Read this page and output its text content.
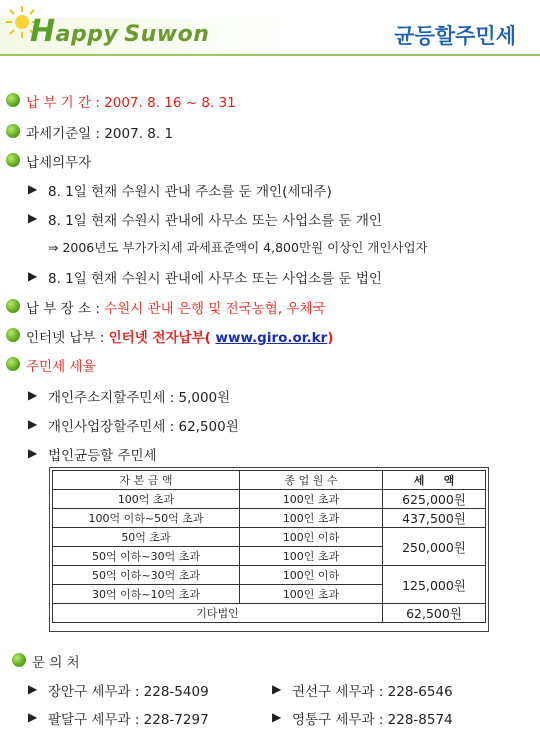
Happy Suwon	균등할주민세
납 부 기 간 : 2007. 8. 16 ~ 8. 31
과세기준일 : 2007. 8. 1
납세의무자
▶ 8. 1일 현재 수원시 관내 주소를 둔 개인(세대주)
▶ 8. 1일 현재 수원시 관내에 사무소 또는 사업소를 둔 개인
⇒ 2006년도 부가가치세 과세표준액이 4,800만원 이상인 개인사업자
▶ 8. 1일 현재 수원시 관내에 사무소 또는 사업소를 둔 법인
납 부 장 소 : 수원시 관내 은행 및 전국농협, 우체국
인터넷 납부 : 인터넷 전자납부( www.giro.or.kr)
주민세 세율
▶ 개인주소지할주민세 : 5,000원
▶ 개인사업장할주민세 : 62,500원
▶ 법인균등할 주민세
자 본 금 액	종 업 원 수	세     액
100억 초과	100인 초과	625,000원
100억 이하~50억 초과	100인 초과	437,500원
50억 초과	100인 이하	250,000원
50억 이하~30억 초과	100인 초과	
50억 이하~30억 초과	100인 이하	125,000원
30억 이하~10억 초과	100인 초과	
기타법인		62,500원
문 의 처
▶ 장안구 세무과 : 228-5409	▶ 권선구 세무과 : 228-6546
▶ 팔달구 세무과 : 228-7297	▶ 영통구 세무과 : 228-8574
